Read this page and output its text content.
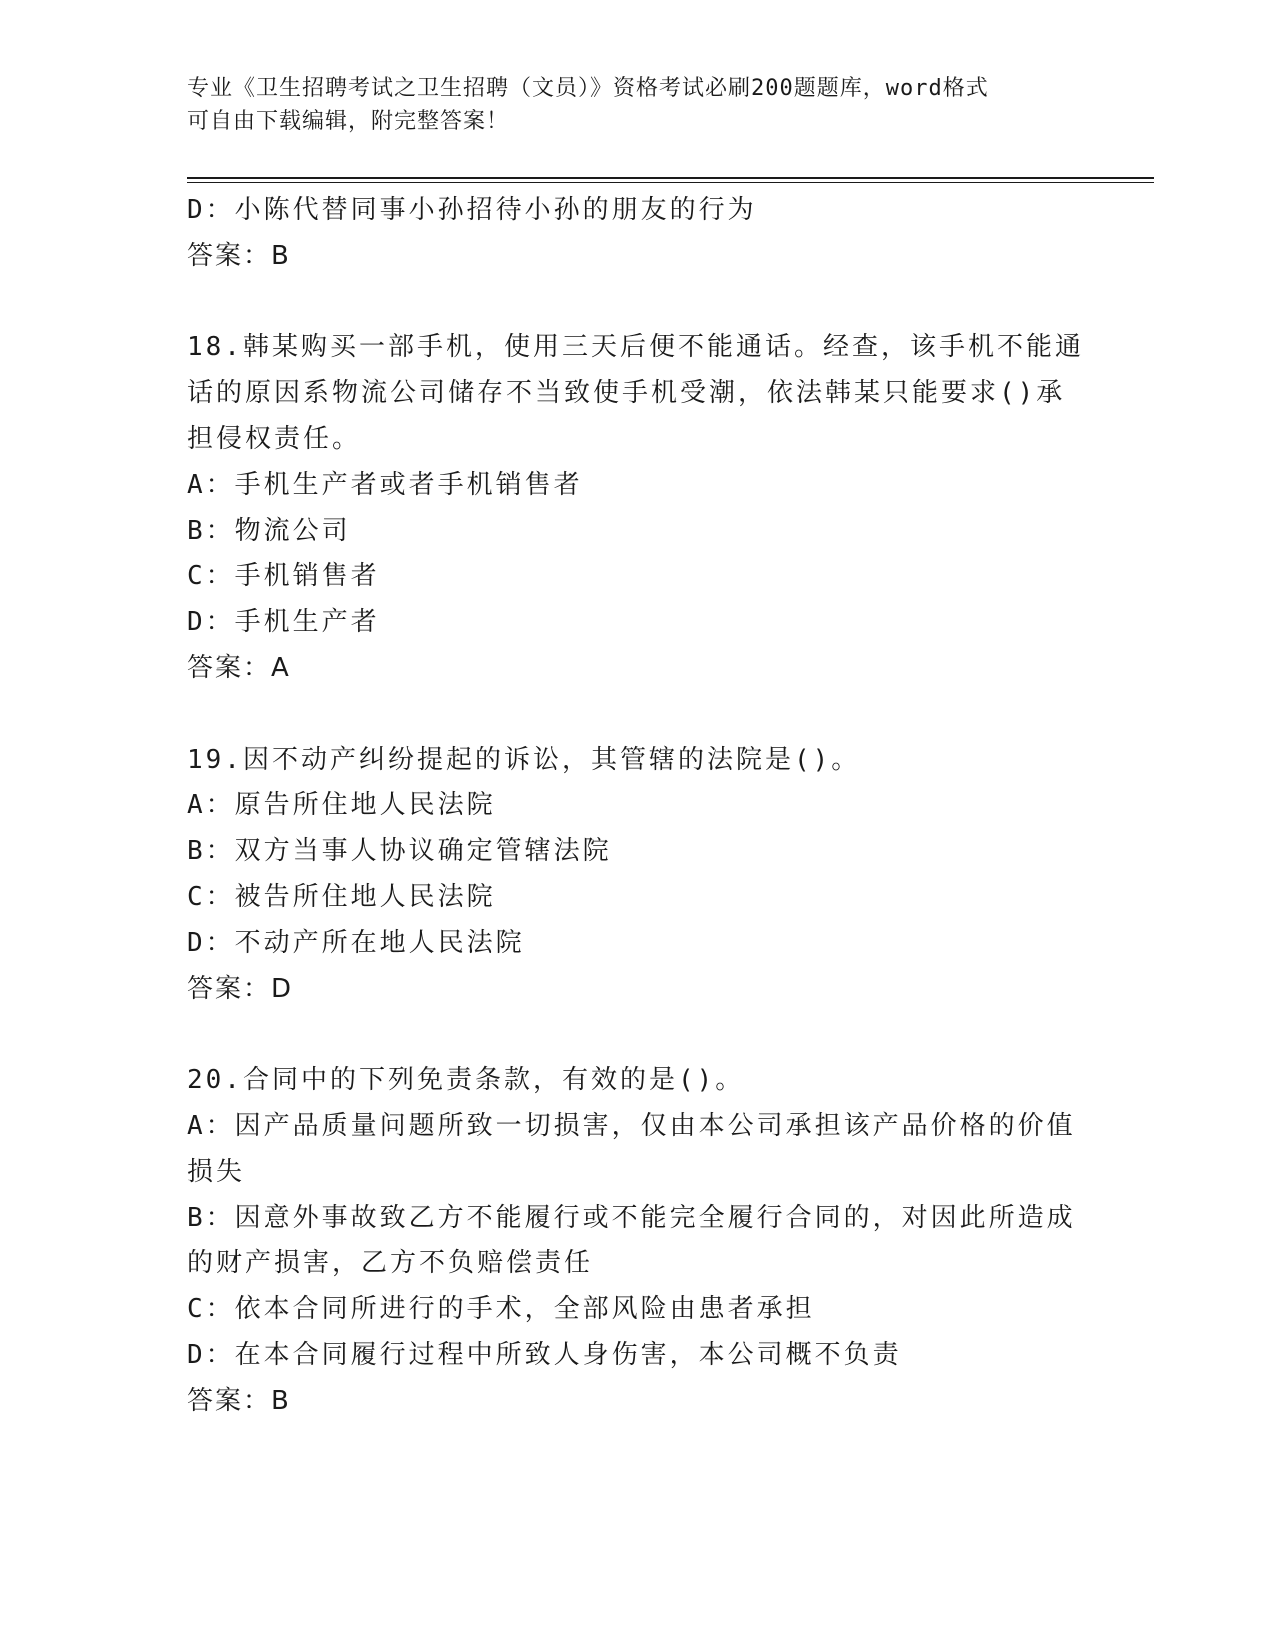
专业《卫生招聘考试之卫生招聘（文员）》资格考试必刷200题题库，word格式
可自由下载编辑，附完整答案！

D：小陈代替同事小孙招待小孙的朋友的行为

答案：B

18.韩某购买一部手机，使用三天后便不能通话。经查，该手机不能通

话的原因系物流公司储存不当致使手机受潮，依法韩某只能要求()承

担侵权责任。

A：手机生产者或者手机销售者

B：物流公司

C：手机销售者

D：手机生产者

答案：A

19.因不动产纠纷提起的诉讼，其管辖的法院是()。

A：原告所住地人民法院

B：双方当事人协议确定管辖法院

C：被告所住地人民法院

D：不动产所在地人民法院

答案：D

20.合同中的下列免责条款，有效的是()。

A：因产品质量问题所致一切损害，仅由本公司承担该产品价格的价值

损失

B：因意外事故致乙方不能履行或不能完全履行合同的，对因此所造成

的财产损害，乙方不负赔偿责任

C：依本合同所进行的手术，全部风险由患者承担

D：在本合同履行过程中所致人身伤害，本公司概不负责

答案：B
